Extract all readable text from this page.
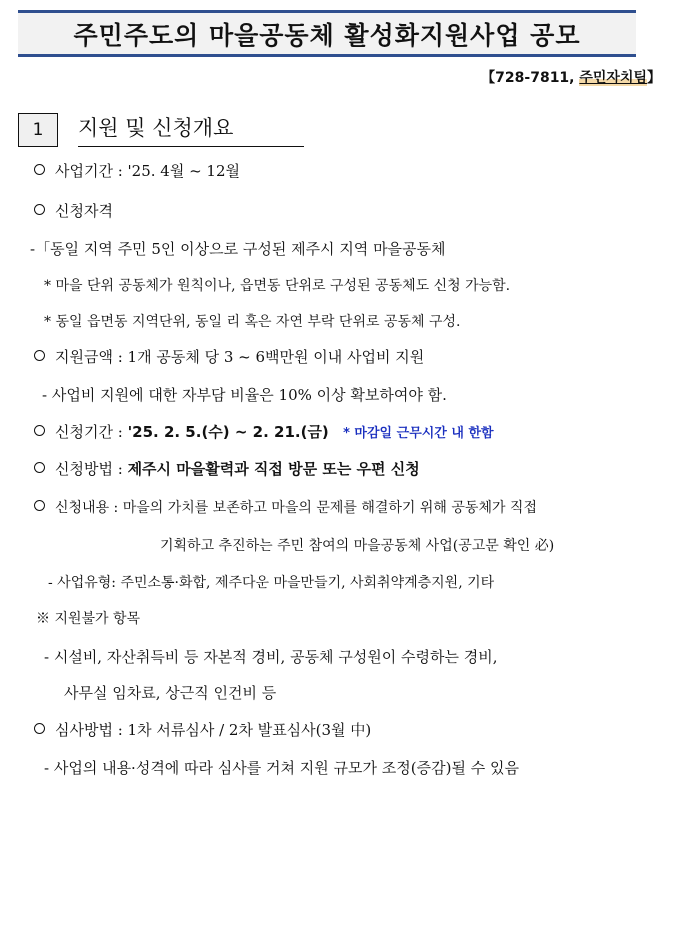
주민주도의 마을공동체 활성화지원사업 공모
【728-7811, 주민자치팀】
1	지원 및 신청개요
사업기간 : '25. 4월 ~ 12월
신청자격
-「동일 지역 주민 5인 이상으로 구성된 제주시 지역 마을공동체
* 마을 단위 공동체가 원칙이나, 읍면동 단위로 구성된 공동체도 신청 가능함.
* 동일 읍면동 지역단위, 동일 리 혹은 자연 부락 단위로 공동체 구성.
지원금액 : 1개 공동체 당 3 ~ 6백만원 이내 사업비 지원
- 사업비 지원에 대한 자부담 비율은 10% 이상 확보하여야 함.
신청기간 : '25. 2. 5.(수) ~ 2. 21.(금) * 마감일 근무시간 내 한함
신청방법 : 제주시 마을활력과 직접 방문 또는 우편 신청
신청내용 : 마을의 가치를 보존하고 마을의 문제를 해결하기 위해 공동체가 직접
기획하고 추진하는 주민 참여의 마을공동체 사업(공고문 확인 必)
- 사업유형: 주민소통·화합, 제주다운 마을만들기, 사회취약계층지원, 기타
※ 지원불가 항목
- 시설비, 자산취득비 등 자본적 경비, 공동체 구성원이 수령하는 경비,
사무실 임차료, 상근직 인건비 등
심사방법 : 1차 서류심사 / 2차 발표심사(3월 中)
- 사업의 내용·성격에 따라 심사를 거쳐 지원 규모가 조정(증감)될 수 있음
